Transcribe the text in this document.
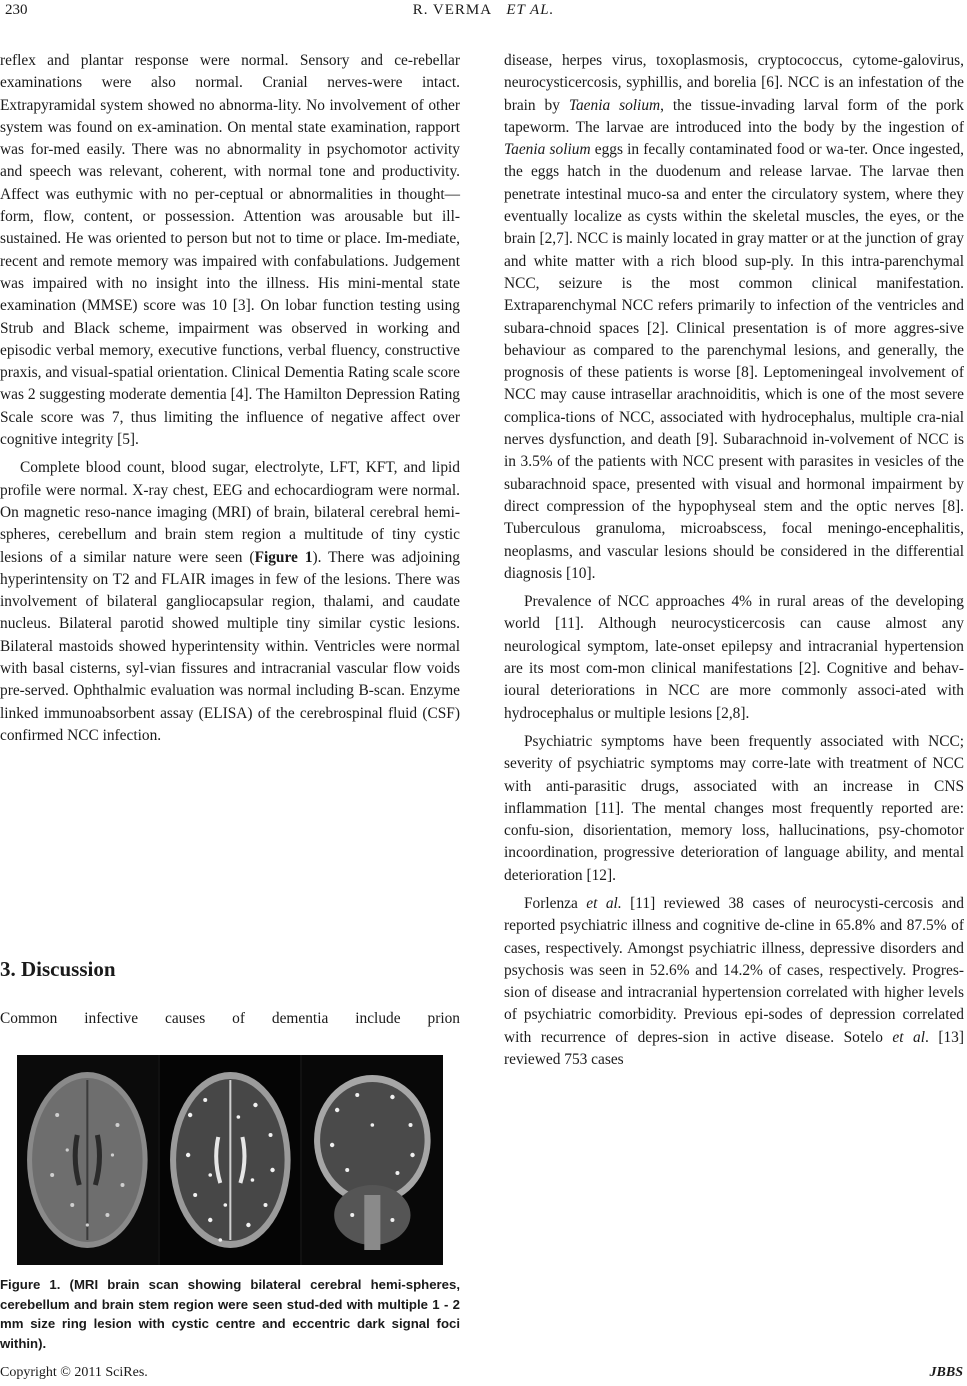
230	R. VERMA ET AL.

reflex and plantar response were normal. Sensory and ce-rebellar examinations were also normal. Cranial nerves-were intact. Extrapyramidal system showed no abnorma-lity. No involvement of other system was found on ex-amination. On mental state examination, rapport was for-med easily. There was no abnormality in psychomotor activity and speech was relevant, coherent, with normal tone and productivity. Affect was euthymic with no per-ceptual or abnormalities in thought—form, flow, content, or possession. Attention was arousable but ill-sustained. He was oriented to person but not to time or place. Im-mediate, recent and remote memory was impaired with confabulations. Judgement was impaired with no insight into the illness. His mini-mental state examination (MMSE) score was 10 [3]. On lobar function testing using Strub and Black scheme, impairment was observed in working and episodic verbal memory, executive functions, verbal fluency, constructive praxis, and visual-spatial orientation. Clinical Dementia Rating scale score was 2 suggesting moderate dementia [4]. The Hamilton Depression Rating Scale score was 7, thus limiting the influence of negative affect over cognitive integrity [5].

Complete blood count, blood sugar, electrolyte, LFT, KFT, and lipid profile were normal. X-ray chest, EEG and echocardiogram were normal. On magnetic reso-nance imaging (MRI) of brain, bilateral cerebral hemi-spheres, cerebellum and brain stem region a multitude of tiny cystic lesions of a similar nature were seen (Figure 1). There was adjoining hyperintensity on T2 and FLAIR images in few of the lesions. There was involvement of bilateral gangliocapsular region, thalami, and caudate nucleus. Bilateral parotid showed multiple tiny similar cystic lesions. Bilateral mastoids showed hyperintensity within. Ventricles were normal with basal cisterns, syl-vian fissures and intracranial vascular flow voids pre-served. Ophthalmic evaluation was normal including B-scan. Enzyme linked immunoabsorbent assay (ELISA) of the cerebrospinal fluid (CSF) confirmed NCC infection.

3. Discussion
Common infective causes of dementia include prion
Figure 1. (MRI brain scan showing bilateral cerebral hemi-spheres, cerebellum and brain stem region were seen stud-ded with multiple 1 - 2 mm size ring lesion with cystic centre and eccentric dark signal foci within).

disease, herpes virus, toxoplasmosis, cryptococcus, cytome-galovirus, neurocysticercosis, syphillis, and borelia [6]. NCC is an infestation of the brain by Taenia solium, the tissue-invading larval form of the pork tapeworm. The larvae are introduced into the body by the ingestion of Taenia solium eggs in fecally contaminated food or wa-ter. Once ingested, the eggs hatch in the duodenum and release larvae. The larvae then penetrate intestinal muco-sa and enter the circulatory system, where they eventually localize as cysts within the skeletal muscles, the eyes, or the brain [2,7]. NCC is mainly located in gray matter or at the junction of gray and white matter with a rich blood sup-ply. In this intra-parenchymal NCC, seizure is the most common clinical manifestation. Extraparenchymal NCC refers primarily to infection of the ventricles and subara-chnoid spaces [2]. Clinical presentation is of more aggres-sive behaviour as compared to the parenchymal lesions, and generally, the prognosis of these patients is worse [8]. Leptomeningeal involvement of NCC may cause intrasellar arachnoiditis, which is one of the most severe complica-tions of NCC, associated with hydrocephalus, multiple cra-nial nerves dysfunction, and death [9]. Subarachnoid in-volvement of NCC is in 3.5% of the patients with NCC present with parasites in vesicles of the subarachnoid space, presented with visual and hormonal impairment by direct compression of the hypophyseal stem and the optic nerves [8]. Tuberculous granuloma, microabscess, focal meningo-encephalitis, neoplasms, and vascular lesions should be considered in the differential diagnosis [10].

Prevalence of NCC approaches 4% in rural areas of the developing world [11]. Although neurocysticercosis can cause almost any neurological symptom, late-onset epilepsy and intracranial hypertension are its most com-mon clinical manifestations [2]. Cognitive and behav-ioural deteriorations in NCC are more commonly associ-ated with hydrocephalus or multiple lesions [2,8].

Psychiatric symptoms have been frequently associated with NCC; severity of psychiatric symptoms may corre-late with treatment of NCC with anti-parasitic drugs, associated with an increase in CNS inflammation [11]. The mental changes most frequently reported are: confu-sion, disorientation, memory loss, hallucinations, psy-chomotor incoordination, progressive deterioration of language ability, and mental deterioration [12].

Forlenza et al. [11] reviewed 38 cases of neurocysti-cercosis and reported psychiatric illness and cognitive de-cline in 65.8% and 87.5% of cases, respectively. Amongst psychiatric illness, depressive disorders and psychosis was seen in 52.6% and 14.2% of cases, respectively. Progres-sion of disease and intracranial hypertension correlated with higher levels of psychiatric comorbidity. Previous epi-sodes of depression correlated with recurrence of depres-sion in active disease. Sotelo et al. [13] reviewed 753 cases

Copyright © 2011 SciRes.	JBBS
